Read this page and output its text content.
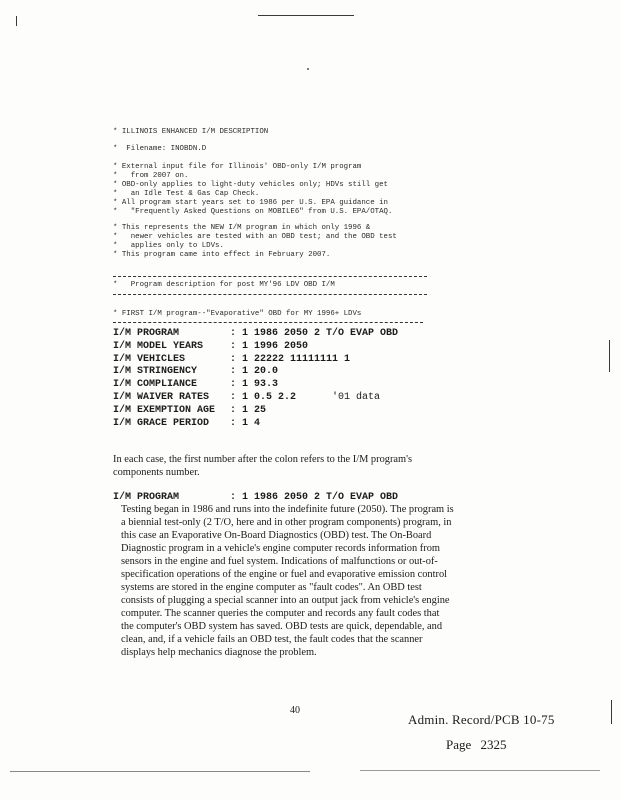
* ILLINOIS ENHANCED I/M DESCRIPTION
*  Filename: INOBDN.D
* External input file for Illinois' OBD-only I/M program
*   from 2007 on.
* OBD-only applies to light-duty vehicles only; HDVs still get
*   an Idle Test & Gas Cap Check.
* All program start years set to 1986 per U.S. EPA guidance in
*   "Frequently Asked Questions on MOBILE6" from U.S. EPA/OTAQ.
* This represents the NEW I/M program in which only 1996 &
*   newer vehicles are tested with an OBD test; and the OBD test
*   applies only to LDVs.
* This program came into effect in February 2007.
*   Program description for post MY'96 LDV OBD I/M
* FIRST I/M program--"Evaporative" OBD for MY 1996+ LDVs
I/M PROGRAM	: 1 1986 2050 2 T/O EVAP OBD
I/M MODEL YEARS	: 1 1996 2050
I/M VEHICLES	: 1 22222 11111111 1
I/M STRINGENCY	: 1 20.0
I/M COMPLIANCE	: 1 93.3
I/M WAIVER RATES : 1 0.5 2.2	'01 data
I/M EXEMPTION AGE : 1 25
I/M GRACE PERIOD : 1 4
In each case, the first number after the colon refers to the I/M program's
components number.
I/M PROGRAM	: 1 1986 2050 2 T/O EVAP OBD
Testing began in 1986 and runs into the indefinite future (2050). The program is
a biennial test-only (2 T/O, here and in other program components) program, in
this case an Evaporative On-Board Diagnostics (OBD) test. The On-Board
Diagnostic program in a vehicle's engine computer records information from
sensors in the engine and fuel system. Indications of malfunctions or out-of-
specification operations of the engine or fuel and evaporative emission control
systems are stored in the engine computer as "fault codes". An OBD test
consists of plugging a special scanner into an output jack from vehicle's engine
computer. The scanner queries the computer and records any fault codes that
the computer's OBD system has saved. OBD tests are quick, dependable, and
clean, and, if a vehicle fails an OBD test, the fault codes that the scanner
displays help mechanics diagnose the problem.
40
Admin. Record/PCB 10-75
Page 2325
